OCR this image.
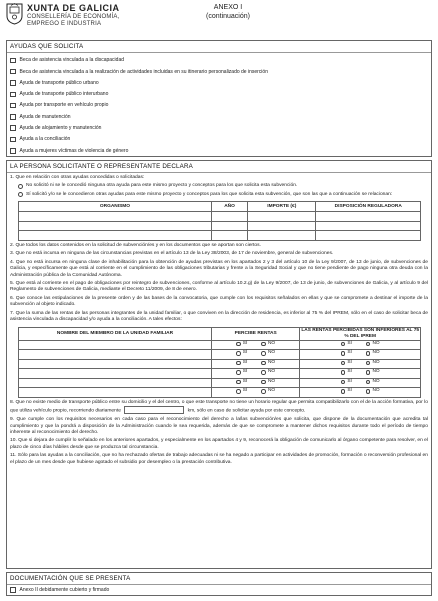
XUNTA DE GALICIA
CONSELLERÍA DE ECONOMÍA,
EMPREGO E INDUSTRIA
ANEXO I
(continuación)
AYUDAS QUE SOLICITA
Beca de asistencia vinculada a la discapacidad
Beca de asistencia vinculada a la realización de actividades incluidas en su itinerario personalizado de inserción
Ayuda de transporte público urbano
Ayuda de transporte público interurbano
Ayuda por transporte en vehículo propio
Ayuda de manutención
Ayuda de alojamiento y manutención
Ayuda a la conciliación
Ayuda a mujeres víctimas de violencia de género
LA PERSONA SOLICITANTE O REPRESENTANTE DECLARA
1. Que en relación con otras ayudas concedidas o solicitadas:
No solicitó ni se le concedió ninguna otra ayuda para este mismo proyecto y conceptos para los que solicita esta subvención.
Sí solicitó y/o se le concedieron otras ayudas para este mismo proyecto y conceptos para los que solicita esta subvención, que son las que a continuación se relacionan:
ORGANISMO	AÑO	IMPORTE (€)	DISPOSICIÓN REGULADORA

2. Que todos los datos contenidos en la solicitud de subvención/es y en los documentos que se aportan son ciertos.
3. Que no está incursa en ninguna de las circunstancias previstas en el artículo 13 de la Ley 38/2003, de 17 de noviembre, general de subvenciones.
4. Que no está incursa en ninguna clase de inhabilitación para la obtención de ayudas previstas en los apartados 2 y 3 del artículo 10 de la Ley 9/2007, de 13 de junio, de subvenciones de Galicia, y específicamente que está al corriente en el cumplimiento de las obligaciones tributarias y frente a la Seguridad Social y que no tiene pendiente de pago ninguna otra deuda con la Administración pública de la Comunidad Autónoma.
5. Que está al corriente en el pago de obligaciones por reintegro de subvenciones, conforme al artículo 10.2.g) de la Ley 9/2007, de 13 de junio, de subvenciones de Galicia, y al artículo 9 del Reglamento de subvenciones de Galicia, mediante el Decreto 11/2009, de 8 de enero.
6. Que conoce las estipulaciones de la presente orden y de las bases de la convocatoria, que cumple con los requisitos señalados en ellas y que se compromete a destinar el importe de la subvención al objeto indicado.
7. Que la suma de las rentas de las personas integrantes de la unidad familiar, o que conviven en la dirección de residencia, es inferior al 75 % del IPREM, sólo en el caso de solicitar beca de asistencia vinculada a discapacidad y/o ayuda a la conciliación. A tales efectos:
NOMBRE DEL MIEMBRO DE LA UNIDAD FAMILIAR	PERCIBE RENTAS	LAS RENTAS PERCIBIDAS SON INFERIORES AL 75 % DEL IPREM

	SÍ NO	SÍ NO

	SÍ NO	SÍ NO

	SÍ NO	SÍ NO

	SÍ NO	SÍ NO

	SÍ NO	SÍ NO

	SÍ NO	SÍ NO
8. Que no existe medio de transporte público entre su domicilio y el del centro, o que este transporte no tiene un horario regular que permita compatibilizarlo con el de la acción formativa, por lo que utiliza vehículo propio, recorriendo diariamente	km, sólo en caso de solicitar ayuda por este concepto.
9. Que cumple con los requisitos necesarios en cada caso para el reconocimiento del derecho a la/las subvención/es que solicita, que dispone de la documentación que acredita tal cumplimiento y que la pondrá a disposición de la Administración cuando le sea requerida, además de que se compromete a mantener dichos requisitos durante todo el período de tiempo inherente al reconocimiento del derecho.
10. Que si dejara de cumplir lo señalado en los anteriores apartados, y especialmente en los apartados 4 y 9, reconocerá la obligación de comunicarlo al órgano competente para resolver, en el plazo de cinco días hábiles desde que se produzca tal circunstancia.
11. Sólo para las ayudas a la conciliación, que no ha rechazado ofertas de trabajo adecuadas ni se ha negado a participar en actividades de promoción, formación o reconversión profesional en el plazo de un mes desde que hubiese agotado el subsidio por desempleo o la prestación contributiva.
DOCUMENTACIÓN QUE SE PRESENTA
Anexo II debidamente cubierto y firmado
